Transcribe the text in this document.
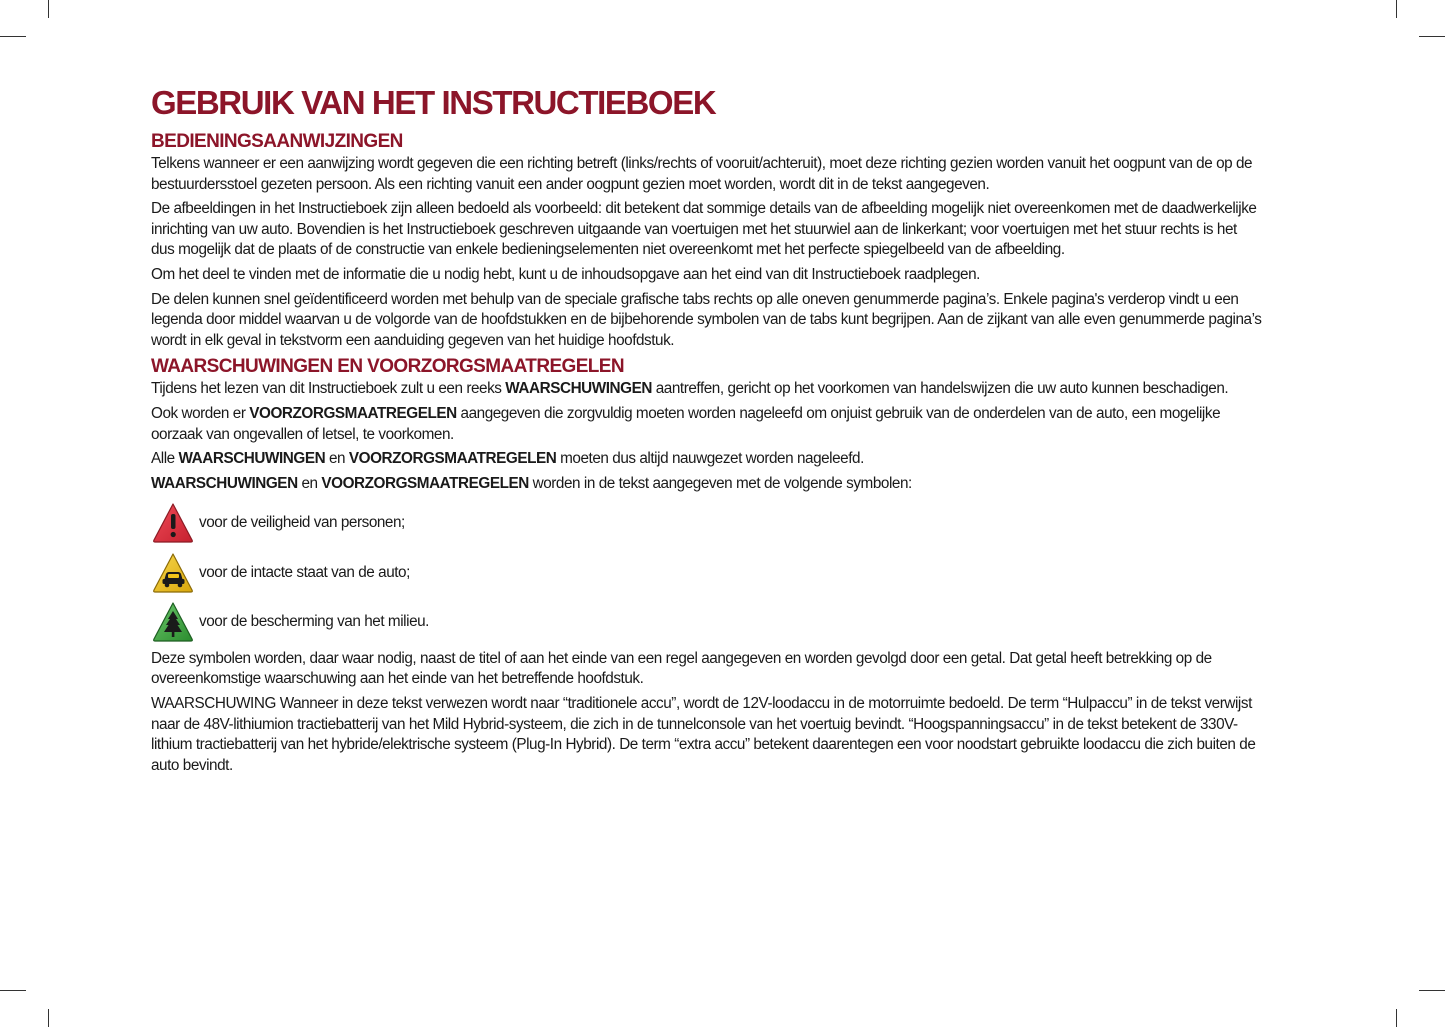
GEBRUIK VAN HET INSTRUCTIEBOEK
BEDIENINGSAANWIJZINGEN

Telkens wanneer er een aanwijzing wordt gegeven die een richting betreft (links/rechts of vooruit/achteruit), moet deze richting gezien worden vanuit het oogpunt van de op de bestuurdersstoel gezeten persoon. Als een richting vanuit een ander oogpunt gezien moet worden, wordt dit in de tekst aangegeven.

De afbeeldingen in het Instructieboek zijn alleen bedoeld als voorbeeld: dit betekent dat sommige details van de afbeelding mogelijk niet overeenkomen met de daadwerkelijke inrichting van uw auto. Bovendien is het Instructieboek geschreven uitgaande van voertuigen met het stuurwiel aan de linkerkant; voor voertuigen met het stuur rechts is het dus mogelijk dat de plaats of de constructie van enkele bedieningselementen niet overeenkomt met het perfecte spiegelbeeld van de afbeelding.

Om het deel te vinden met de informatie die u nodig hebt, kunt u de inhoudsopgave aan het eind van dit Instructieboek raadplegen.

De delen kunnen snel geïdentificeerd worden met behulp van de speciale grafische tabs rechts op alle oneven genummerde pagina’s. Enkele pagina's verderop vindt u een legenda door middel waarvan u de volgorde van de hoofdstukken en de bijbehorende symbolen van de tabs kunt begrijpen. Aan de zijkant van alle even genummerde pagina’s wordt in elk geval in tekstvorm een aanduiding gegeven van het huidige hoofdstuk.

WAARSCHUWINGEN EN VOORZORGSMAATREGELEN

Tijdens het lezen van dit Instructieboek zult u een reeks WAARSCHUWINGEN aantreffen, gericht op het voorkomen van handelswijzen die uw auto kunnen beschadigen.

Ook worden er VOORZORGSMAATREGELEN aangegeven die zorgvuldig moeten worden nageleefd om onjuist gebruik van de onderdelen van de auto, een mogelijke oorzaak van ongevallen of letsel, te voorkomen.

Alle WAARSCHUWINGEN en VOORZORGSMAATREGELEN moeten dus altijd nauwgezet worden nageleefd.

WAARSCHUWINGEN en VOORZORGSMAATREGELEN worden in de tekst aangegeven met de volgende symbolen:

voor de veiligheid van personen;
voor de intacte staat van de auto;
voor de bescherming van het milieu.

Deze symbolen worden, daar waar nodig, naast de titel of aan het einde van een regel aangegeven en worden gevolgd door een getal. Dat getal heeft betrekking op de overeenkomstige waarschuwing aan het einde van het betreffende hoofdstuk.

WAARSCHUWING Wanneer in deze tekst verwezen wordt naar “traditionele accu”, wordt de 12V-loodaccu in de motorruimte bedoeld. De term “Hulpaccu” in de tekst verwijst naar de 48V-lithiumion tractiebatterij van het Mild Hybrid-systeem, die zich in de tunnelconsole van het voertuig bevindt. “Hoogspanningsaccu” in de tekst betekent de 330V-lithium tractiebatterij van het hybride/elektrische systeem (Plug-In Hybrid). De term “extra accu” betekent daarentegen een voor noodstart gebruikte loodaccu die zich buiten de auto bevindt.
